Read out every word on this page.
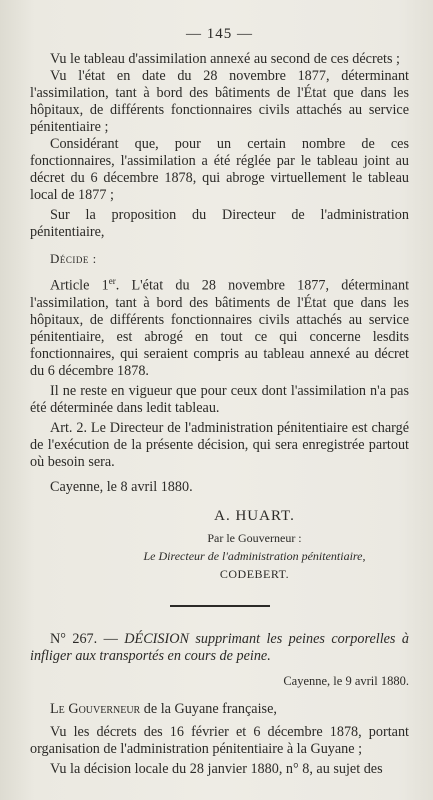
— 145 —

Vu le tableau d'assimilation annexé au second de ces décrets ;

Vu l'état en date du 28 novembre 1877, déterminant l'assimilation, tant à bord des bâtiments de l'État que dans les hôpitaux, de différents fonctionnaires civils attachés au service pénitentiaire ;

Considérant que, pour un certain nombre de ces fonctionnaires, l'assimilation a été réglée par le tableau joint au décret du 6 décembre 1878, qui abroge virtuellement le tableau local de 1877 ;

Sur la proposition du Directeur de l'administration pénitentiaire,

Décide :

Article 1er. L'état du 28 novembre 1877, déterminant l'assimilation, tant à bord des bâtiments de l'État que dans les hôpitaux, de différents fonctionnaires civils attachés au service pénitentiaire, est abrogé en tout ce qui concerne lesdits fonctionnaires, qui seraient compris au tableau annexé au décret du 6 décembre 1878.

Il ne reste en vigueur que pour ceux dont l'assimilation n'a pas été déterminée dans ledit tableau.

Art. 2. Le Directeur de l'administration pénitentiaire est chargé de l'exécution de la présente décision, qui sera enregistrée partout où besoin sera.

Cayenne, le 8 avril 1880.
A. HUART.
Par le Gouverneur :
Le Directeur de l'administration pénitentiaire,
CODEBERT.

N° 267. — DÉCISION supprimant les peines corporelles à infliger aux transportés en cours de peine.

Cayenne, le 9 avril 1880.

Le Gouverneur de la Guyane française,

Vu les décrets des 16 février et 6 décembre 1878, portant organisation de l'administration pénitentiaire à la Guyane ;

Vu la décision locale du 28 janvier 1880, n° 8, au sujet des
